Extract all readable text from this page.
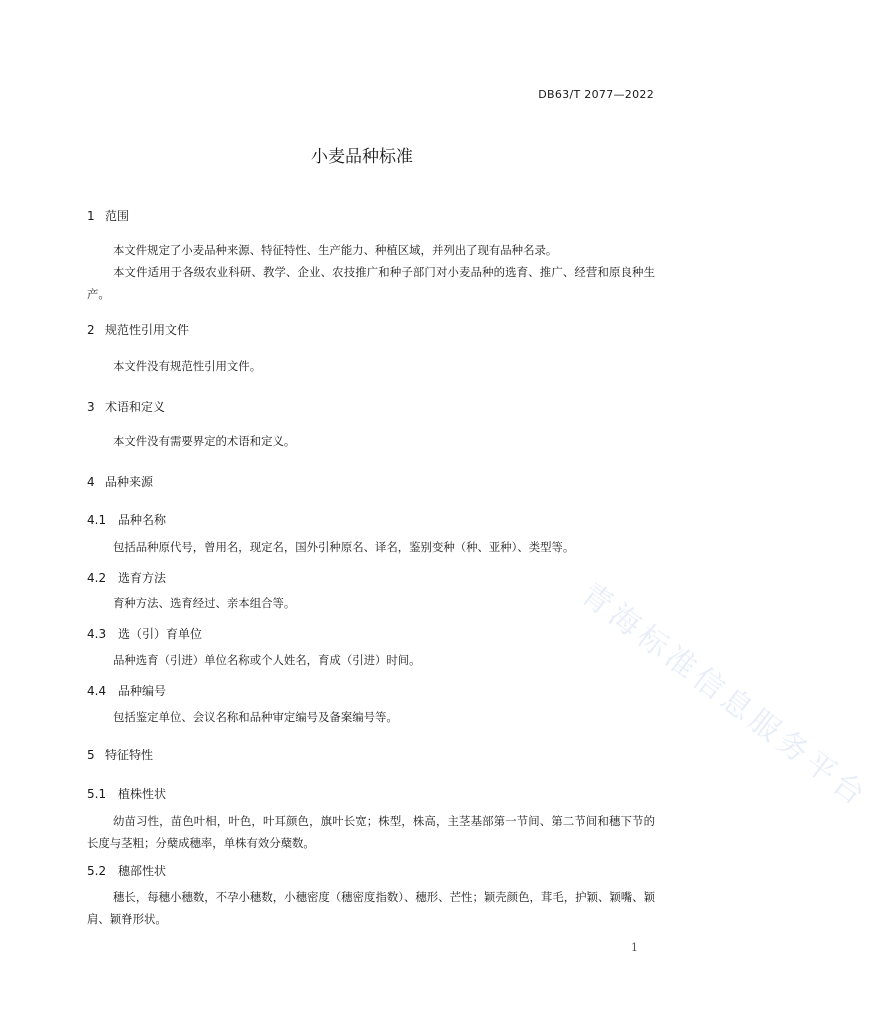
DB63/T 2077—2022
小麦品种标准
1 范围

本文件规定了小麦品种来源、特征特性、生产能力、种植区域，并列出了现有品种名录。

本文件适用于各级农业科研、教学、企业、农技推广和种子部门对小麦品种的选育、推广、经营和原良种生产。

2 规范性引用文件

本文件没有规范性引用文件。

3 术语和定义

本文件没有需要界定的术语和定义。

4 品种来源
4.1 品种名称

包括品种原代号，曾用名，现定名，国外引种原名、译名，鉴别变种（种、亚种）、类型等。

4.2 选育方法

育种方法、选育经过、亲本组合等。

4.3 选（引）育单位

品种选育（引进）单位名称或个人姓名，育成（引进）时间。

4.4 品种编号

包括鉴定单位、会议名称和品种审定编号及备案编号等。

5 特征特性
5.1 植株性状

幼苗习性，苗色叶相，叶色，叶耳颜色，旗叶长宽；株型，株高，主茎基部第一节间、第二节间和穗下节的长度与茎粗；分蘖成穗率，单株有效分蘖数。

5.2 穗部性状

穗长，每穗小穗数，不孕小穗数，小穗密度（穗密度指数）、穗形、芒性；颖壳颜色，茸毛，护颖、颖嘴、颖肩、颖脊形状。

1
青海标准信息服务平台
